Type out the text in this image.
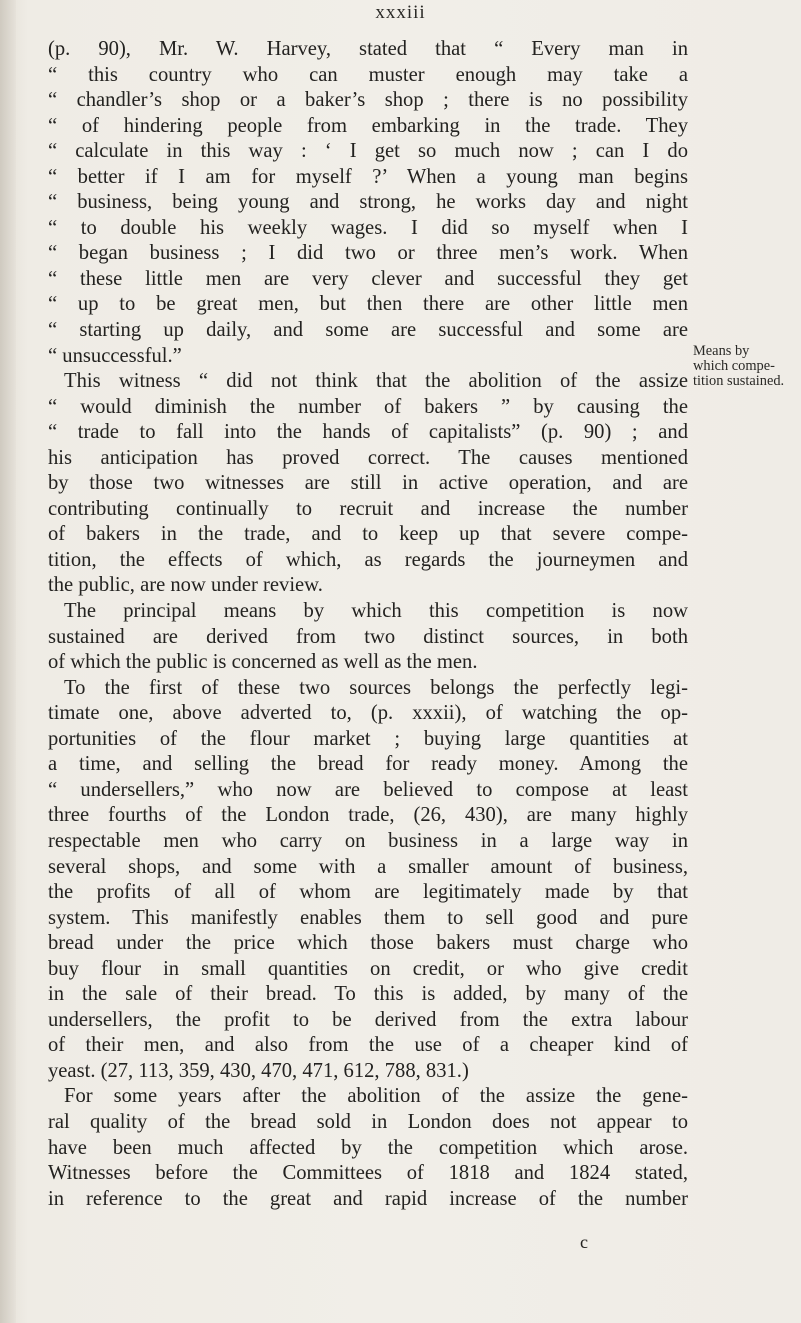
xxxiii
(p. 90), Mr. W. Harvey, stated that “ Every man in
“ this country who can muster enough may take a
“ chandler’s shop or a baker’s shop ; there is no possibility
“ of hindering people from embarking in the trade. They
“ calculate in this way : ‘ I get so much now ; can I do
“ better if I am for myself ?’ When a young man begins
“ business, being young and strong, he works day and night
“ to double his weekly wages. I did so myself when I
“ began business ; I did two or three men’s work. When
“ these little men are very clever and successful they get
“ up to be great men, but then there are other little men
“ starting up daily, and some are successful and some are
“ unsuccessful.”
This witness “ did not think that the abolition of the assize
“ would diminish the number of bakers ” by causing the
“ trade to fall into the hands of capitalists” (p. 90) ; and
his anticipation has proved correct. The causes mentioned
by those two witnesses are still in active operation, and are
contributing continually to recruit and increase the number
of bakers in the trade, and to keep up that severe compe-
tition, the effects of which, as regards the journeymen and
the public, are now under review.
The principal means by which this competition is now
sustained are derived from two distinct sources, in both
of which the public is concerned as well as the men.
To the first of these two sources belongs the perfectly legi-
timate one, above adverted to, (p. xxxii), of watching the op-
portunities of the flour market ; buying large quantities at
a time, and selling the bread for ready money. Among the
“ undersellers,” who now are believed to compose at least
three fourths of the London trade, (26, 430), are many highly
respectable men who carry on business in a large way in
several shops, and some with a smaller amount of business,
the profits of all of whom are legitimately made by that
system. This manifestly enables them to sell good and pure
bread under the price which those bakers must charge who
buy flour in small quantities on credit, or who give credit
in the sale of their bread. To this is added, by many of the
undersellers, the profit to be derived from the extra labour
of their men, and also from the use of a cheaper kind of
yeast. (27, 113, 359, 430, 470, 471, 612, 788, 831.)
For some years after the abolition of the assize the gene-
ral quality of the bread sold in London does not appear to
have been much affected by the competition which arose.
Witnesses before the Committees of 1818 and 1824 stated,
in reference to the great and rapid increase of the number
Means by
which compe-
tition sustained.
c
